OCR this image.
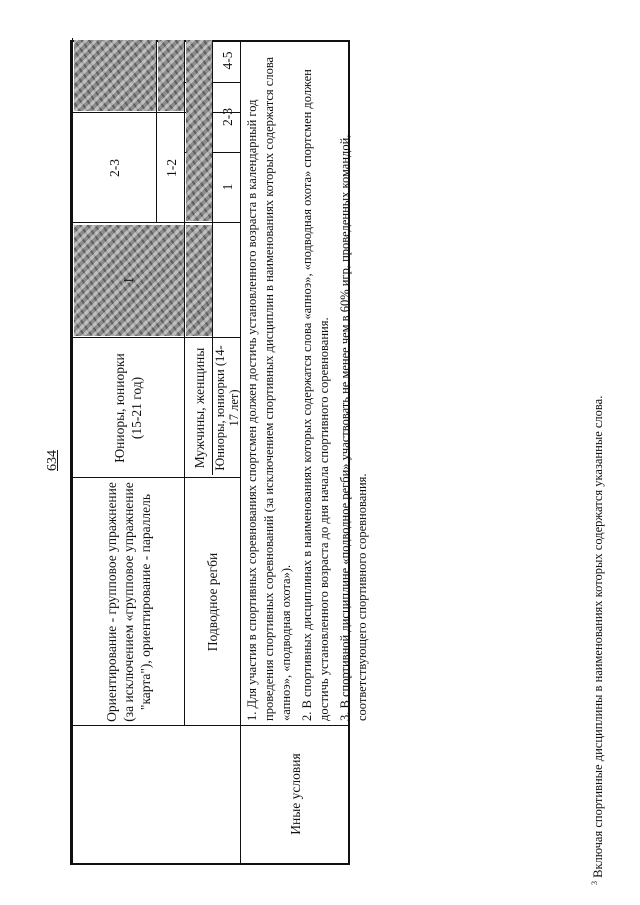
634
Ориентирование - групповое упражнение (за исключением «групповое упражнение "карта"), ориентирование - параллель
Юниоры, юниорки (15-21 год)
1
2-3
Подводное регби
Мужчины, женщины
1-2
Юниоры, юниорки (14-17 лет)
1
2-3
4-5
Иные условия

1. Для участия в спортивных соревнованиях спортсмен должен достичь установленного возраста в календарный год проведения спортивных соревнований (за исключением спортивных дисциплин в наименованиях которых содержатся слова «апноэ», «подводная охота»). 2. В спортивных дисциплинах в наименованиях которых содержатся слова «апноэ», «подводная охота» спортсмен должен достичь установленного возраста до дня начала спортивного соревнования. 3. В спортивной дисциплине «подводное регби» участвовать не менее чем в 60% игр, проведенных командой, соответствующего спортивного соревнования.

$^3$ Включая спортивные дисциплины в наименованиях которых содержатся указанные слова.
